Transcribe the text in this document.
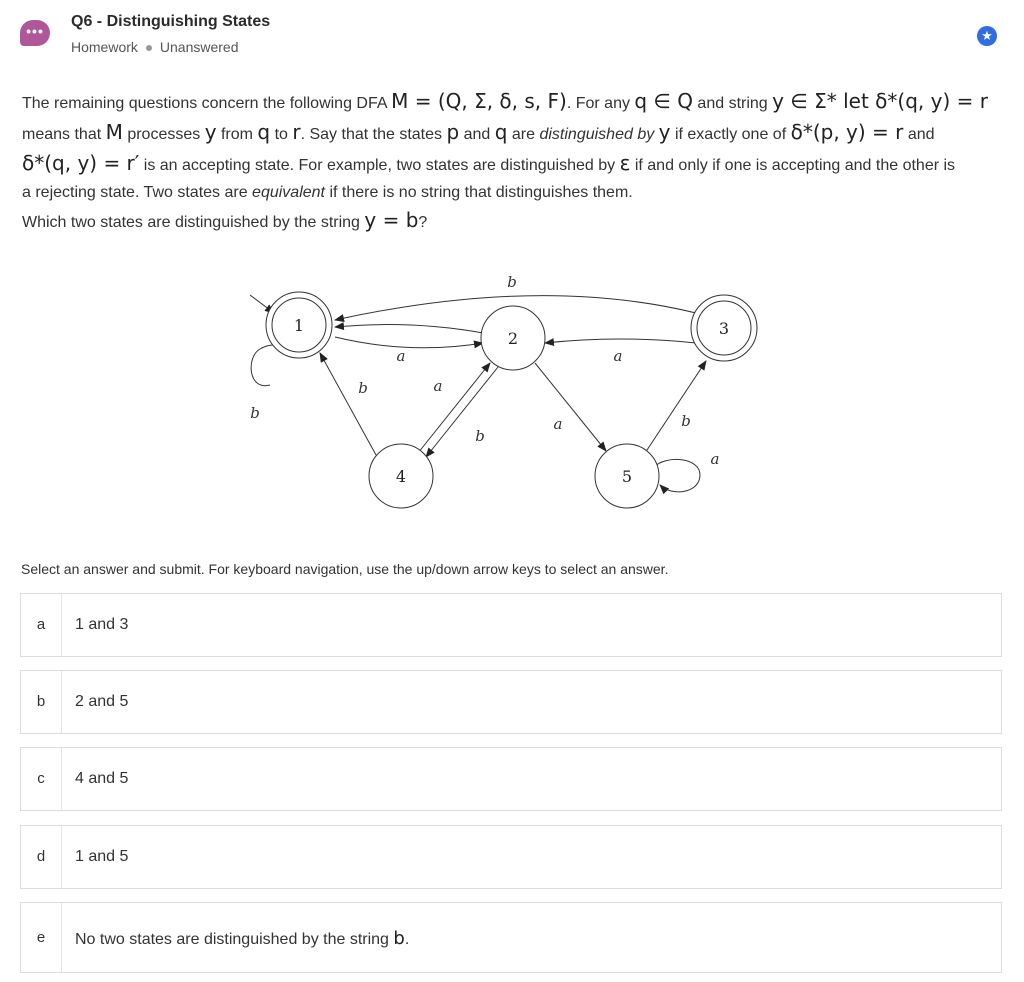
•••
Q6 - Distinguishing States
Homework Unanswered
★
The remaining questions concern the following DFA M = (Q, Σ, δ, s, F). For any q ∈ Q and string y ∈ Σ* let δ*(q, y) = r
means that M processes y from q to r. Say that the states p and q are distinguished by y if exactly one of δ*(p, y) = r and
δ*(q, y) = r′ is an accepting state. For example, two states are distinguished by ε if and only if one is accepting and the other is
a rejecting state. Two states are equivalent if there is no string that distinguishes them.
Which two states are distinguished by the string y = b?
1
2
3
4	5
b
a	a
b
b	a
b
a	b
a
Select an answer and submit. For keyboard navigation, use the up/down arrow keys to select an answer.
a	1 and 3
b	2 and 5
c	4 and 5
d	1 and 5
e	No two states are distinguished by the string b.
